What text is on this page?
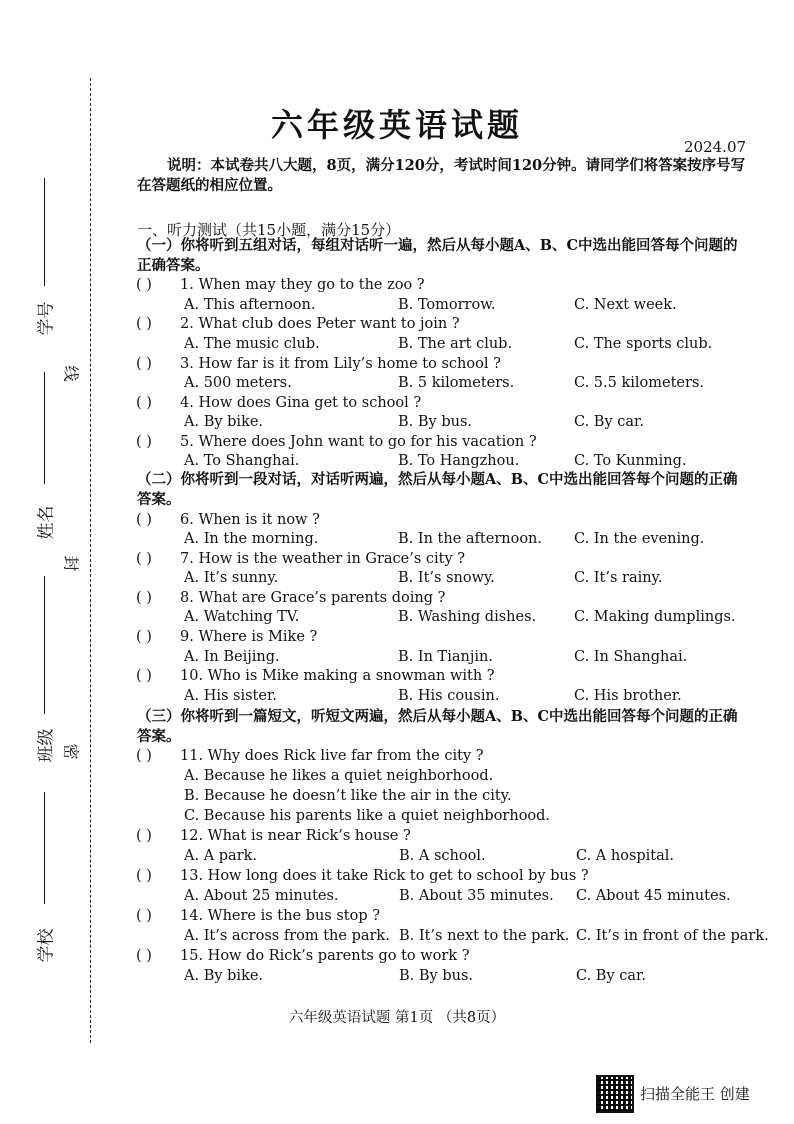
学号
姓名
班级
学校
线
封
密
六年级英语试题
2024.07
说明：本试卷共八大题，8页，满分120分，考试时间120分钟。请同学们将答案按序号写在答题纸的相应位置。
一、听力测试（共15小题，满分15分）
（一）你将听到五组对话，每组对话听一遍，然后从每小题A、B、C中选出能回答每个问题的正确答案。
( ) 1. When may they go to the zoo ?
A. This afternoon.	B. Tomorrow.	C. Next week.
( ) 2. What club does Peter want to join ?
A. The music club.	B. The art club.	C. The sports club.
( ) 3. How far is it from Lily’s home to school ?
A. 500 meters.	B. 5 kilometers.	C. 5.5 kilometers.
( ) 4. How does Gina get to school ?
A. By bike.	B. By bus.	C. By car.
( ) 5. Where does John want to go for his vacation ?
A. To Shanghai.	B. To Hangzhou.	C. To Kunming.
（二）你将听到一段对话，对话听两遍，然后从每小题A、B、C中选出能回答每个问题的正确答案。
( ) 6. When is it now ?
A. In the morning.	B. In the afternoon. C. In the evening.
( ) 7. How is the weather in Grace’s city ?
A. It’s sunny.	B. It’s snowy.	C. It’s rainy.
( ) 8. What are Grace’s parents doing ?
A. Watching TV.	B. Washing dishes.	C. Making dumplings.
( ) 9. Where is Mike ?
A. In Beijing.	B. In Tianjin.	C. In Shanghai.
( ) 10. Who is Mike making a snowman with ?
A. His sister.	B. His cousin.	C. His brother.
（三）你将听到一篇短文，听短文两遍，然后从每小题A、B、C中选出能回答每个问题的正确答案。
( ) 11. Why does Rick live far from the city ?
A. Because he likes a quiet neighborhood.
B. Because he doesn’t like the air in the city.
C. Because his parents like a quiet neighborhood.
( ) 12. What is near Rick’s house ?
A. A park.	B. A school.	C. A hospital.
( ) 13. How long does it take Rick to get to school by bus ?
A. About 25 minutes.	B. About 35 minutes. C. About 45 minutes.
( ) 14. Where is the bus stop ?
A. It’s across from the park. B. It’s next to the park. C. It’s in front of the park.
( ) 15. How do Rick’s parents go to work ?
A. By bike.	B. By bus.	C. By car.
六年级英语试题 第1页 （共8页）
扫描全能王 创建
